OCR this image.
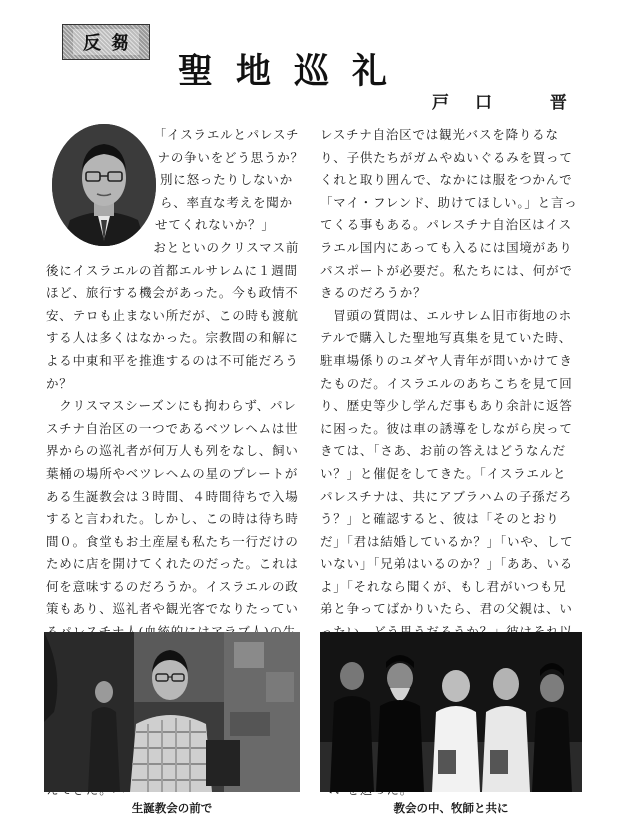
反芻
聖地巡礼
戸口 晋

　「イスラエルとパレスチナの争いをどう思うか？別に怒ったりしないから、率直な考えを聞かせてくれないか？」

　おとといのクリスマス前後にイスラエルの首都エルサレムに１週間ほど、旅行する機会があった。今も政情不安、テロも止まない所だが、この時も渡航する人は多くはなかった。宗教間の和解による中東和平を推進するのは不可能だろうか？

　クリスマスシーズンにも拘わらず、パレスチナ自治区の一つであるベツレヘムは世界からの巡礼者が何万人も列をなし、飼い葉桶の場所やベツレヘムの星のプレートがある生誕教会は３時間、４時間待ちで入場すると言われた。しかし、この時は待ち時間０。食堂もお土産屋も私たち一行だけのために店を開けてくれたのだった。これは何を意味するのだろうか。イスラエルの政策もあり、巡礼者や観光客でなりたってい

レスチナ自治区では観光バスを降りるなり、子供たちがガムやぬいぐるみを買ってくれと取り囲んで、なかには服をつかんで「マイ・フレンド、助けてほしい。」と言ってくる事もある。パレスチナ自治区はイスラエル国内にあっても入るには国境がありパスポートが必要だ。私たちには、何ができるのだろうか？

　冒頭の質問は、エルサレム旧市街地のホテルで購入した聖地写真集を見ていた時、駐車場係りのユダヤ人青年が問いかけてきたものだ。イスラエルのあちこちを見て回り、歴史等少し学んだ事もあり余計に返答に困った。彼は車の誘導をしながら戻ってきては、「さあ、お前の答えはどうなんだい？」と催促をしてきた。「イスラエルとパレスチナは、共にアブラハムの子孫だろう？」と確認すると、彼は「そのとおりだ」「君は結婚しているか？」「いや、していない」「兄弟はいるのか？」「ああ、いるよ」「それなら聞くが、もし君がいつも兄弟と争ってばかりいたら、君の父親は、い

生誕教会の前で	教会の中、牧師と共に
